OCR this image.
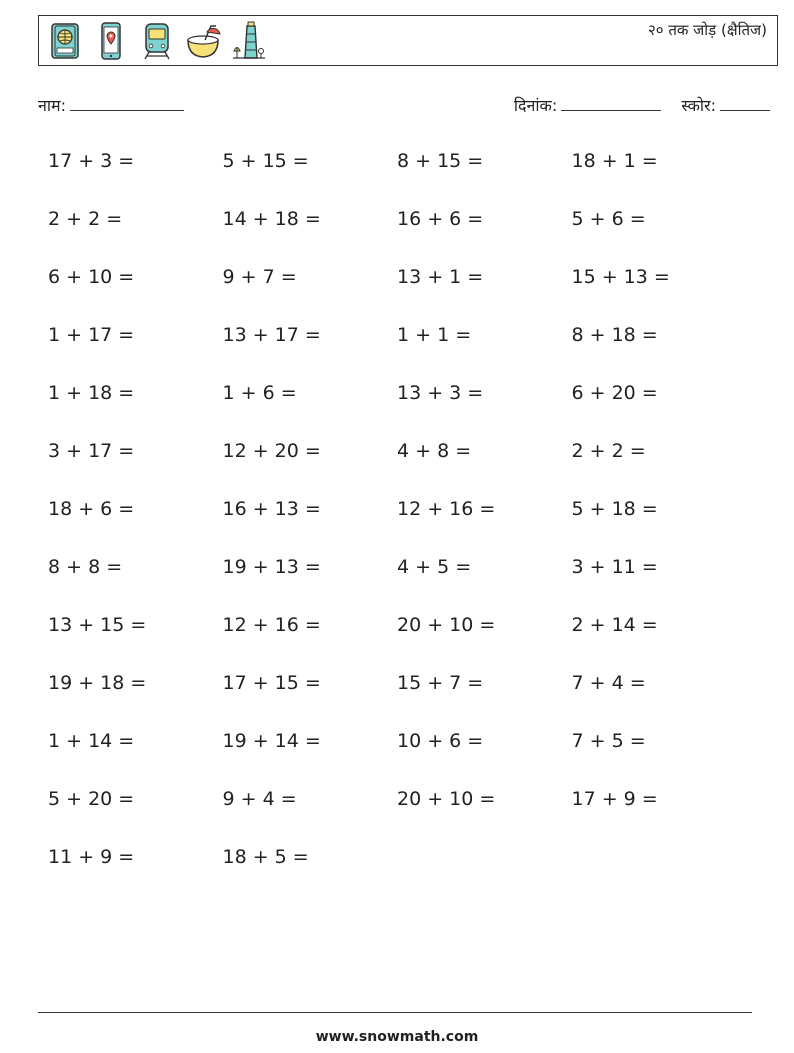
२० तक जोड़ (क्षैतिज)
नाम:	दिनांक:	स्कोर:
17 + 3 =	5 + 15 =	8 + 15 =	18 + 1 =
2 + 2 =	14 + 18 =	16 + 6 =	5 + 6 =
6 + 10 =	9 + 7 =	13 + 1 =	15 + 13 =
1 + 17 =	13 + 17 =	1 + 1 =	8 + 18 =
1 + 18 =	1 + 6 =	13 + 3 =	6 + 20 =
3 + 17 =	12 + 20 =	4 + 8 =	2 + 2 =
18 + 6 =	16 + 13 =	12 + 16 =	5 + 18 =
8 + 8 =	19 + 13 =	4 + 5 =	3 + 11 =
13 + 15 =	12 + 16 =	20 + 10 =	2 + 14 =
19 + 18 =	17 + 15 =	15 + 7 =	7 + 4 =
1 + 14 =	19 + 14 =	10 + 6 =	7 + 5 =
5 + 20 =	9 + 4 =	20 + 10 =	17 + 9 =
11 + 9 =	18 + 5 =
www.snowmath.com
